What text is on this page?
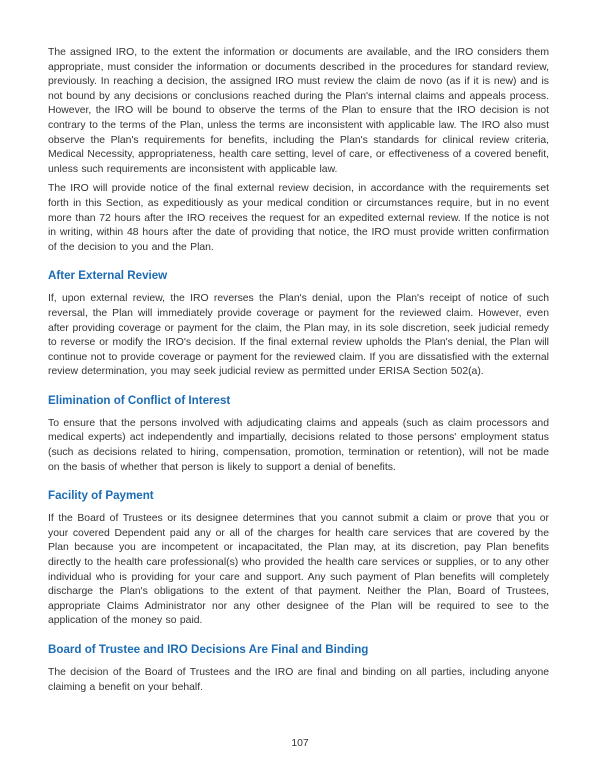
The assigned IRO, to the extent the information or documents are available, and the IRO considers them appropriate, must consider the information or documents described in the procedures for standard review, previously. In reaching a decision, the assigned IRO must review the claim de novo (as if it is new) and is not bound by any decisions or conclusions reached during the Plan's internal claims and appeals process. However, the IRO will be bound to observe the terms of the Plan to ensure that the IRO decision is not contrary to the terms of the Plan, unless the terms are inconsistent with applicable law. The IRO also must observe the Plan's requirements for benefits, including the Plan's standards for clinical review criteria, Medical Necessity, appropriateness, health care setting, level of care, or effectiveness of a covered benefit, unless such requirements are inconsistent with applicable law.

The IRO will provide notice of the final external review decision, in accordance with the requirements set forth in this Section, as expeditiously as your medical condition or circumstances require, but in no event more than 72 hours after the IRO receives the request for an expedited external review. If the notice is not in writing, within 48 hours after the date of providing that notice, the IRO must provide written confirmation of the decision to you and the Plan.

After External Review

If, upon external review, the IRO reverses the Plan's denial, upon the Plan's receipt of notice of such reversal, the Plan will immediately provide coverage or payment for the reviewed claim. However, even after providing coverage or payment for the claim, the Plan may, in its sole discretion, seek judicial remedy to reverse or modify the IRO's decision. If the final external review upholds the Plan's denial, the Plan will continue not to provide coverage or payment for the reviewed claim. If you are dissatisfied with the external review determination, you may seek judicial review as permitted under ERISA Section 502(a).

Elimination of Conflict of Interest

To ensure that the persons involved with adjudicating claims and appeals (such as claim processors and medical experts) act independently and impartially, decisions related to those persons' employment status (such as decisions related to hiring, compensation, promotion, termination or retention), will not be made on the basis of whether that person is likely to support a denial of benefits.

Facility of Payment

If the Board of Trustees or its designee determines that you cannot submit a claim or prove that you or your covered Dependent paid any or all of the charges for health care services that are covered by the Plan because you are incompetent or incapacitated, the Plan may, at its discretion, pay Plan benefits directly to the health care professional(s) who provided the health care services or supplies, or to any other individual who is providing for your care and support. Any such payment of Plan benefits will completely discharge the Plan's obligations to the extent of that payment. Neither the Plan, Board of Trustees, appropriate Claims Administrator nor any other designee of the Plan will be required to see to the application of the money so paid.

Board of Trustee and IRO Decisions Are Final and Binding

The decision of the Board of Trustees and the IRO are final and binding on all parties, including anyone claiming a benefit on your behalf.

107
